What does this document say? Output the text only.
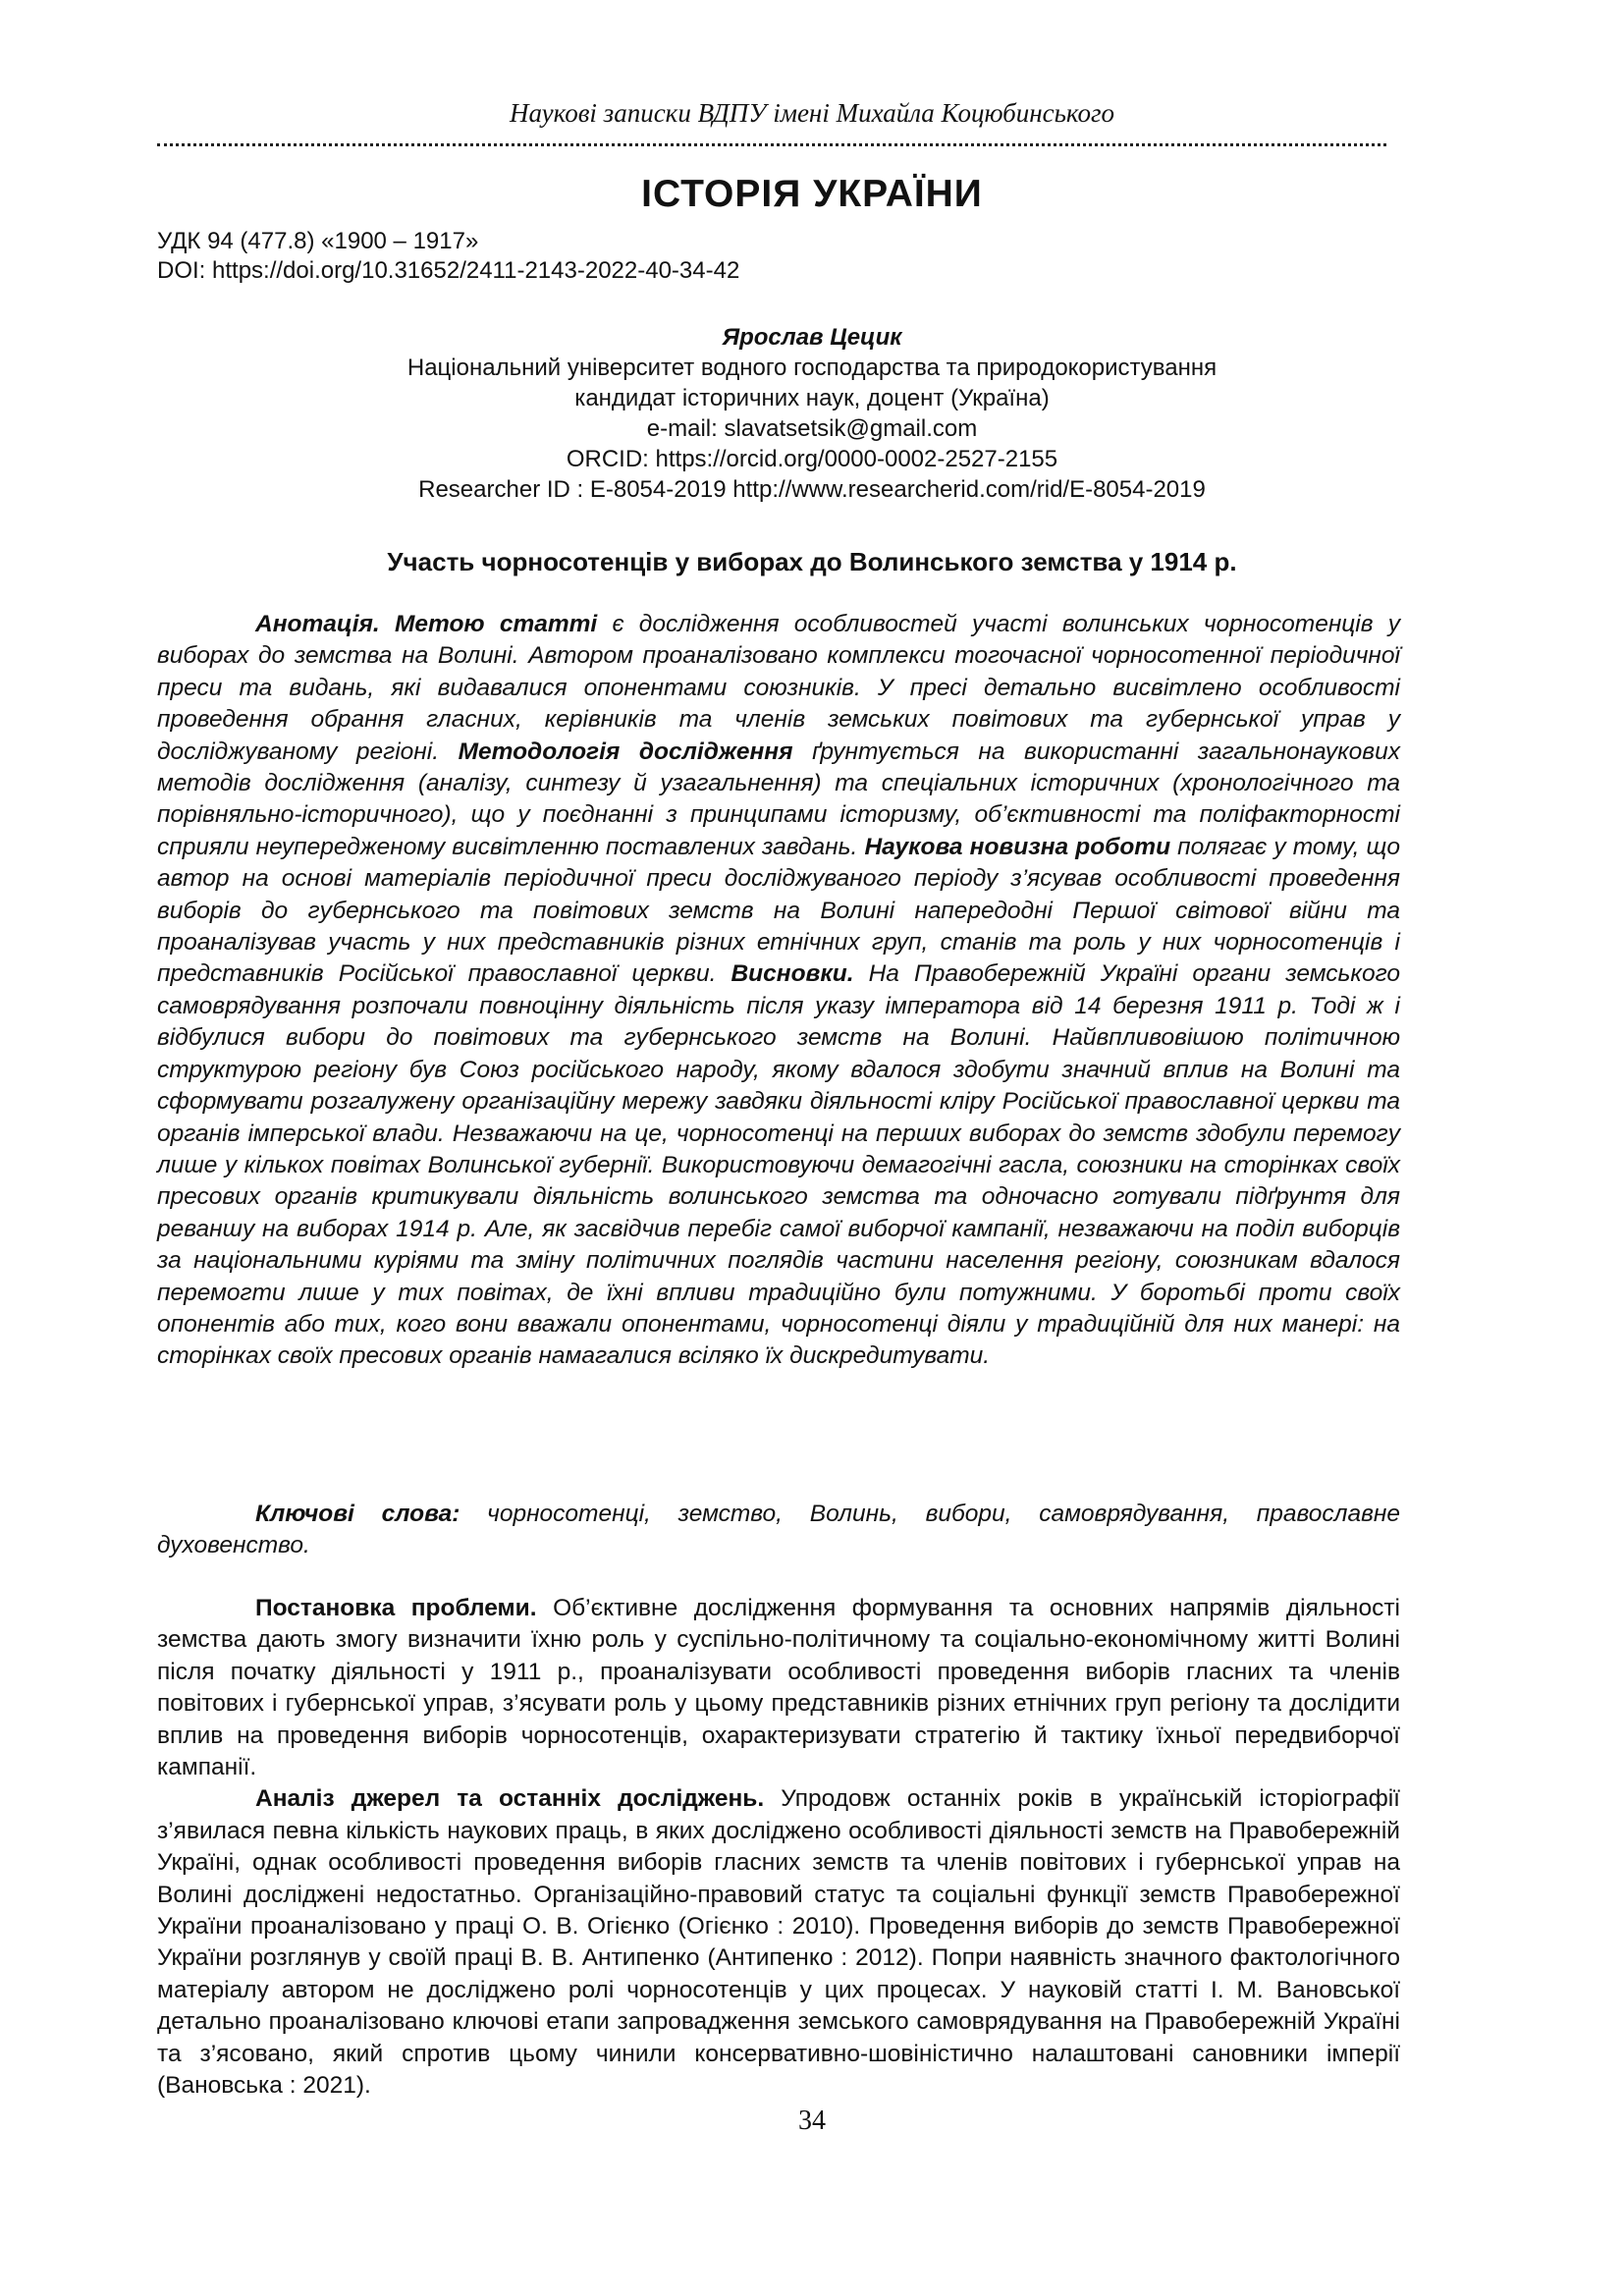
Наукові записки ВДПУ імені Михайла Коцюбинського
ІСТОРІЯ УКРАЇНИ
УДК 94 (477.8) «1900 – 1917»
DOI: https://doi.org/10.31652/2411-2143-2022-40-34-42
Ярослав Цецик
Національний університет водного господарства та природокористування
кандидат історичних наук, доцент (Україна)
e-mail: slavatsetsik@gmail.com
ORCID: https://orcid.org/0000-0002-2527-2155
Researcher ID : E-8054-2019 http://www.researcherid.com/rid/E-8054-2019
Участь чорносотенців у виборах до Волинського земства у 1914 р.

Анотація. Метою статті є дослідження особливостей участі волинських чорносотенців у виборах до земства на Волині. Автором проаналізовано комплекси тогочасної чорносотенної періодичної преси та видань, які видавалися опонентами союзників. У пресі детально висвітлено особливості проведення обрання гласних, керівників та членів земських повітових та губернської управ у досліджуваному регіоні. Методологія дослідження ґрунтується на використанні загальнонаукових методів дослідження (аналізу, синтезу й узагальнення) та спеціальних історичних (хронологічного та порівняльно-історичного), що у поєднанні з принципами історизму, об’єктивності та поліфакторності сприяли неупередженому висвітленню поставлених завдань. Наукова новизна роботи полягає у тому, що автор на основі матеріалів періодичної преси досліджуваного періоду з’ясував особливості проведення виборів до губернського та повітових земств на Волині напередодні Першої світової війни та проаналізував участь у них представників різних етнічних груп, станів та роль у них чорносотенців і представників Російської православної церкви. Висновки. На Правобережній Україні органи земського самоврядування розпочали повноцінну діяльність після указу імператора від 14 березня 1911 р. Тоді ж і відбулися вибори до повітових та губернського земств на Волині. Найвпливовішою політичною структурою регіону був Союз російського народу, якому вдалося здобути значний вплив на Волині та сформувати розгалужену організаційну мережу завдяки діяльності кліру Російської православної церкви та органів імперської влади. Незважаючи на це, чорносотенці на перших виборах до земств здобули перемогу лише у кількох повітах Волинської губернії. Використовуючи демагогічні гасла, союзники на сторінках своїх пресових органів критикували діяльність волинського земства та одночасно готували підґрунтя для реваншу на виборах 1914 р. Але, як засвідчив перебіг самої виборчої кампанії, незважаючи на поділ виборців за національними куріями та зміну політичних поглядів частини населення регіону, союзникам вдалося перемогти лише у тих повітах, де їхні впливи традиційно були потужними. У боротьбі проти своїх опонентів або тих, кого вони вважали опонентами, чорносотенці діяли у традиційній для них манері: на сторінках своїх пресових органів намагалися всіляко їх дискредитувати.

Ключові слова: чорносотенці, земство, Волинь, вибори, самоврядування, православне духовенство.

Постановка проблеми. Об’єктивне дослідження формування та основних напрямів діяльності земства дають змогу визначити їхню роль у суспільно-політичному та соціально-економічному житті Волині після початку діяльності у 1911 р., проаналізувати особливості проведення виборів гласних та членів повітових і губернської управ, з’ясувати роль у цьому представників різних етнічних груп регіону та дослідити вплив на проведення виборів чорносотенців, охарактеризувати стратегію й тактику їхньої передвиборчої кампанії.

Аналіз джерел та останніх досліджень. Упродовж останніх років в українській історіографії з’явилася певна кількість наукових праць, в яких досліджено особливості діяльності земств на Правобережній Україні, однак особливості проведення виборів гласних земств та членів повітових і губернської управ на Волині досліджені недостатньо. Організаційно-правовий статус та соціальні функції земств Правобережної України проаналізовано у праці О. В. Огієнко (Огієнко : 2010). Проведення виборів до земств Правобережної України розглянув у своїй праці В. В. Антипенко (Антипенко : 2012). Попри наявність значного фактологічного матеріалу автором не досліджено ролі чорносотенців у цих процесах. У науковій статті І. М. Вановської детально проаналізовано ключові етапи запровадження земського самоврядування на Правобережній Україні та з’ясовано, який спротив цьому чинили консервативно-шовіністично налаштовані сановники імперії (Вановська : 2021).

34
